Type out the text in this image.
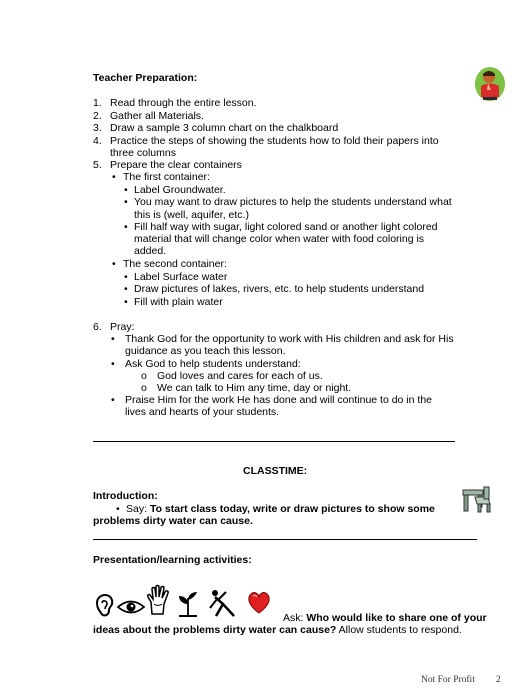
Teacher Preparation:
1. Read through the entire lesson.
2. Gather all Materials.
3. Draw a sample 3 column chart on the chalkboard
4. Practice the steps of showing the students how to fold their papers into
three columns
5. Prepare the clear containers
• The first container:
• Label Groundwater.
• You may want to draw pictures to help the students understand what
this is (well, aquifer, etc.)
• Fill half way with sugar, light colored sand or another light colored
material that will change color when water with food coloring is
added.
• The second container:
• Label Surface water
• Draw pictures of lakes, rivers, etc. to help students understand
• Fill with plain water
6. Pray:
• Thank God for the opportunity to work with His children and ask for His
guidance as you teach this lesson.
• Ask God to help students understand:
o God loves and cares for each of us.
o We can talk to Him any time, day or night.
• Praise Him for the work He has done and will continue to do in the
lives and hearts of your students.
CLASSTIME:
Introduction:
• Say: To start class today, write or draw pictures to show some
problems dirty water can cause.
Presentation/learning activities:
Ask: Who would like to share one of your
ideas about the problems dirty water can cause? Allow students to respond.
Not For Profit 2
